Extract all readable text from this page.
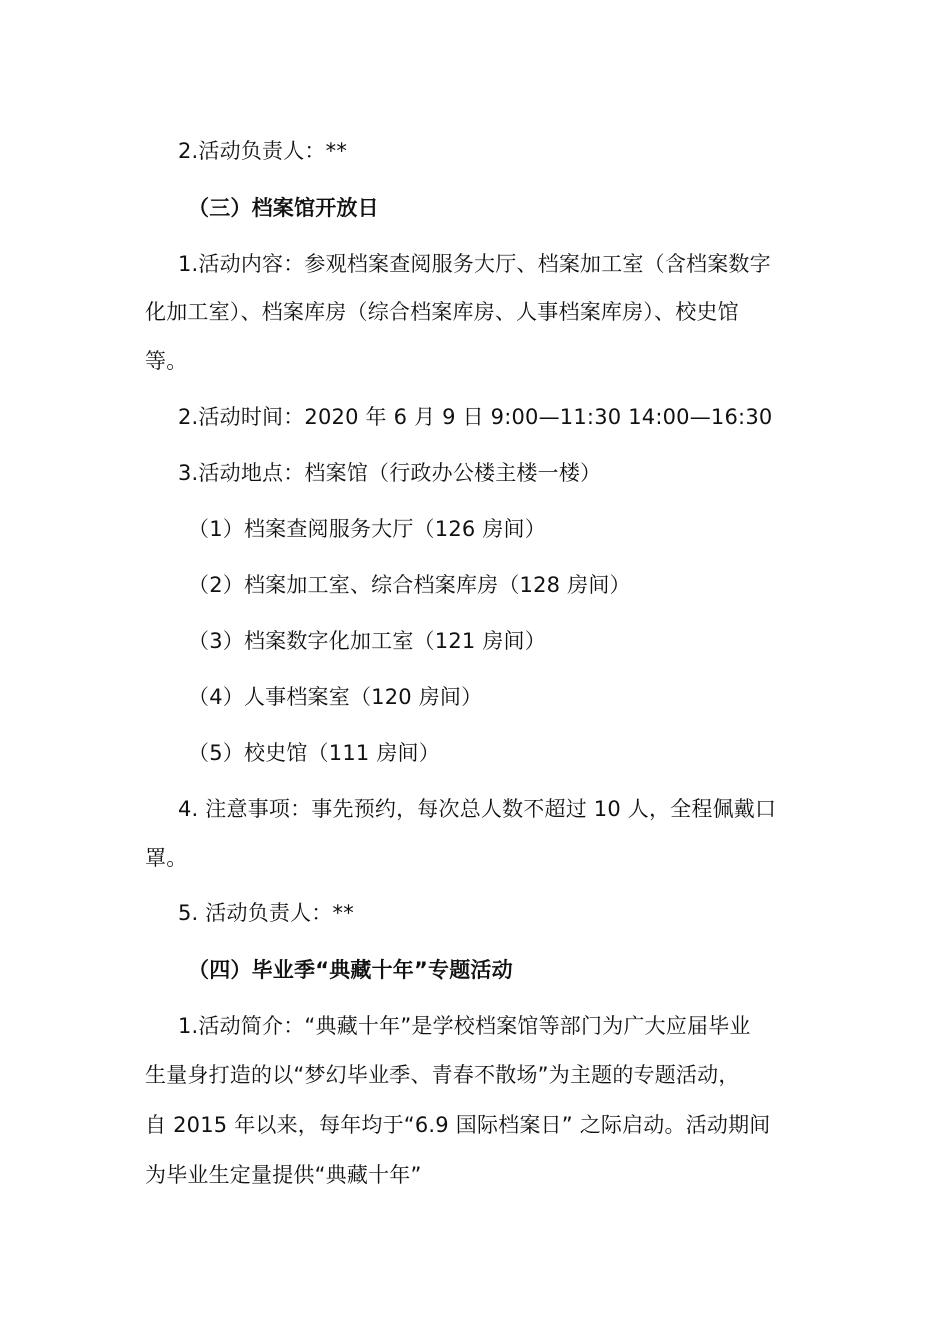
2.活动负责人：**
（三）档案馆开放日
1.活动内容：参观档案查阅服务大厅、档案加工室（含档案数字
化加工室）、档案库房（综合档案库房、人事档案库房）、校史馆
等。
2.活动时间：2020 年 6 月 9 日 9:00—11:30 14:00—16:30
3.活动地点：档案馆（行政办公楼主楼一楼）
（1）档案查阅服务大厅（126 房间）
（2）档案加工室、综合档案库房（128 房间）
（3）档案数字化加工室（121 房间）
（4）人事档案室（120 房间）
（5）校史馆（111 房间）
4. 注意事项：事先预约，每次总人数不超过 10 人，全程佩戴口
罩。
5. 活动负责人：**
（四）毕业季“典藏十年”专题活动
1.活动简介：“典藏十年”是学校档案馆等部门为广大应届毕业
生量身打造的以“梦幻毕业季、青春不散场”为主题的专题活动，
自 2015 年以来，每年均于“6.9 国际档案日” 之际启动。活动期间
为毕业生定量提供“典藏十年”
